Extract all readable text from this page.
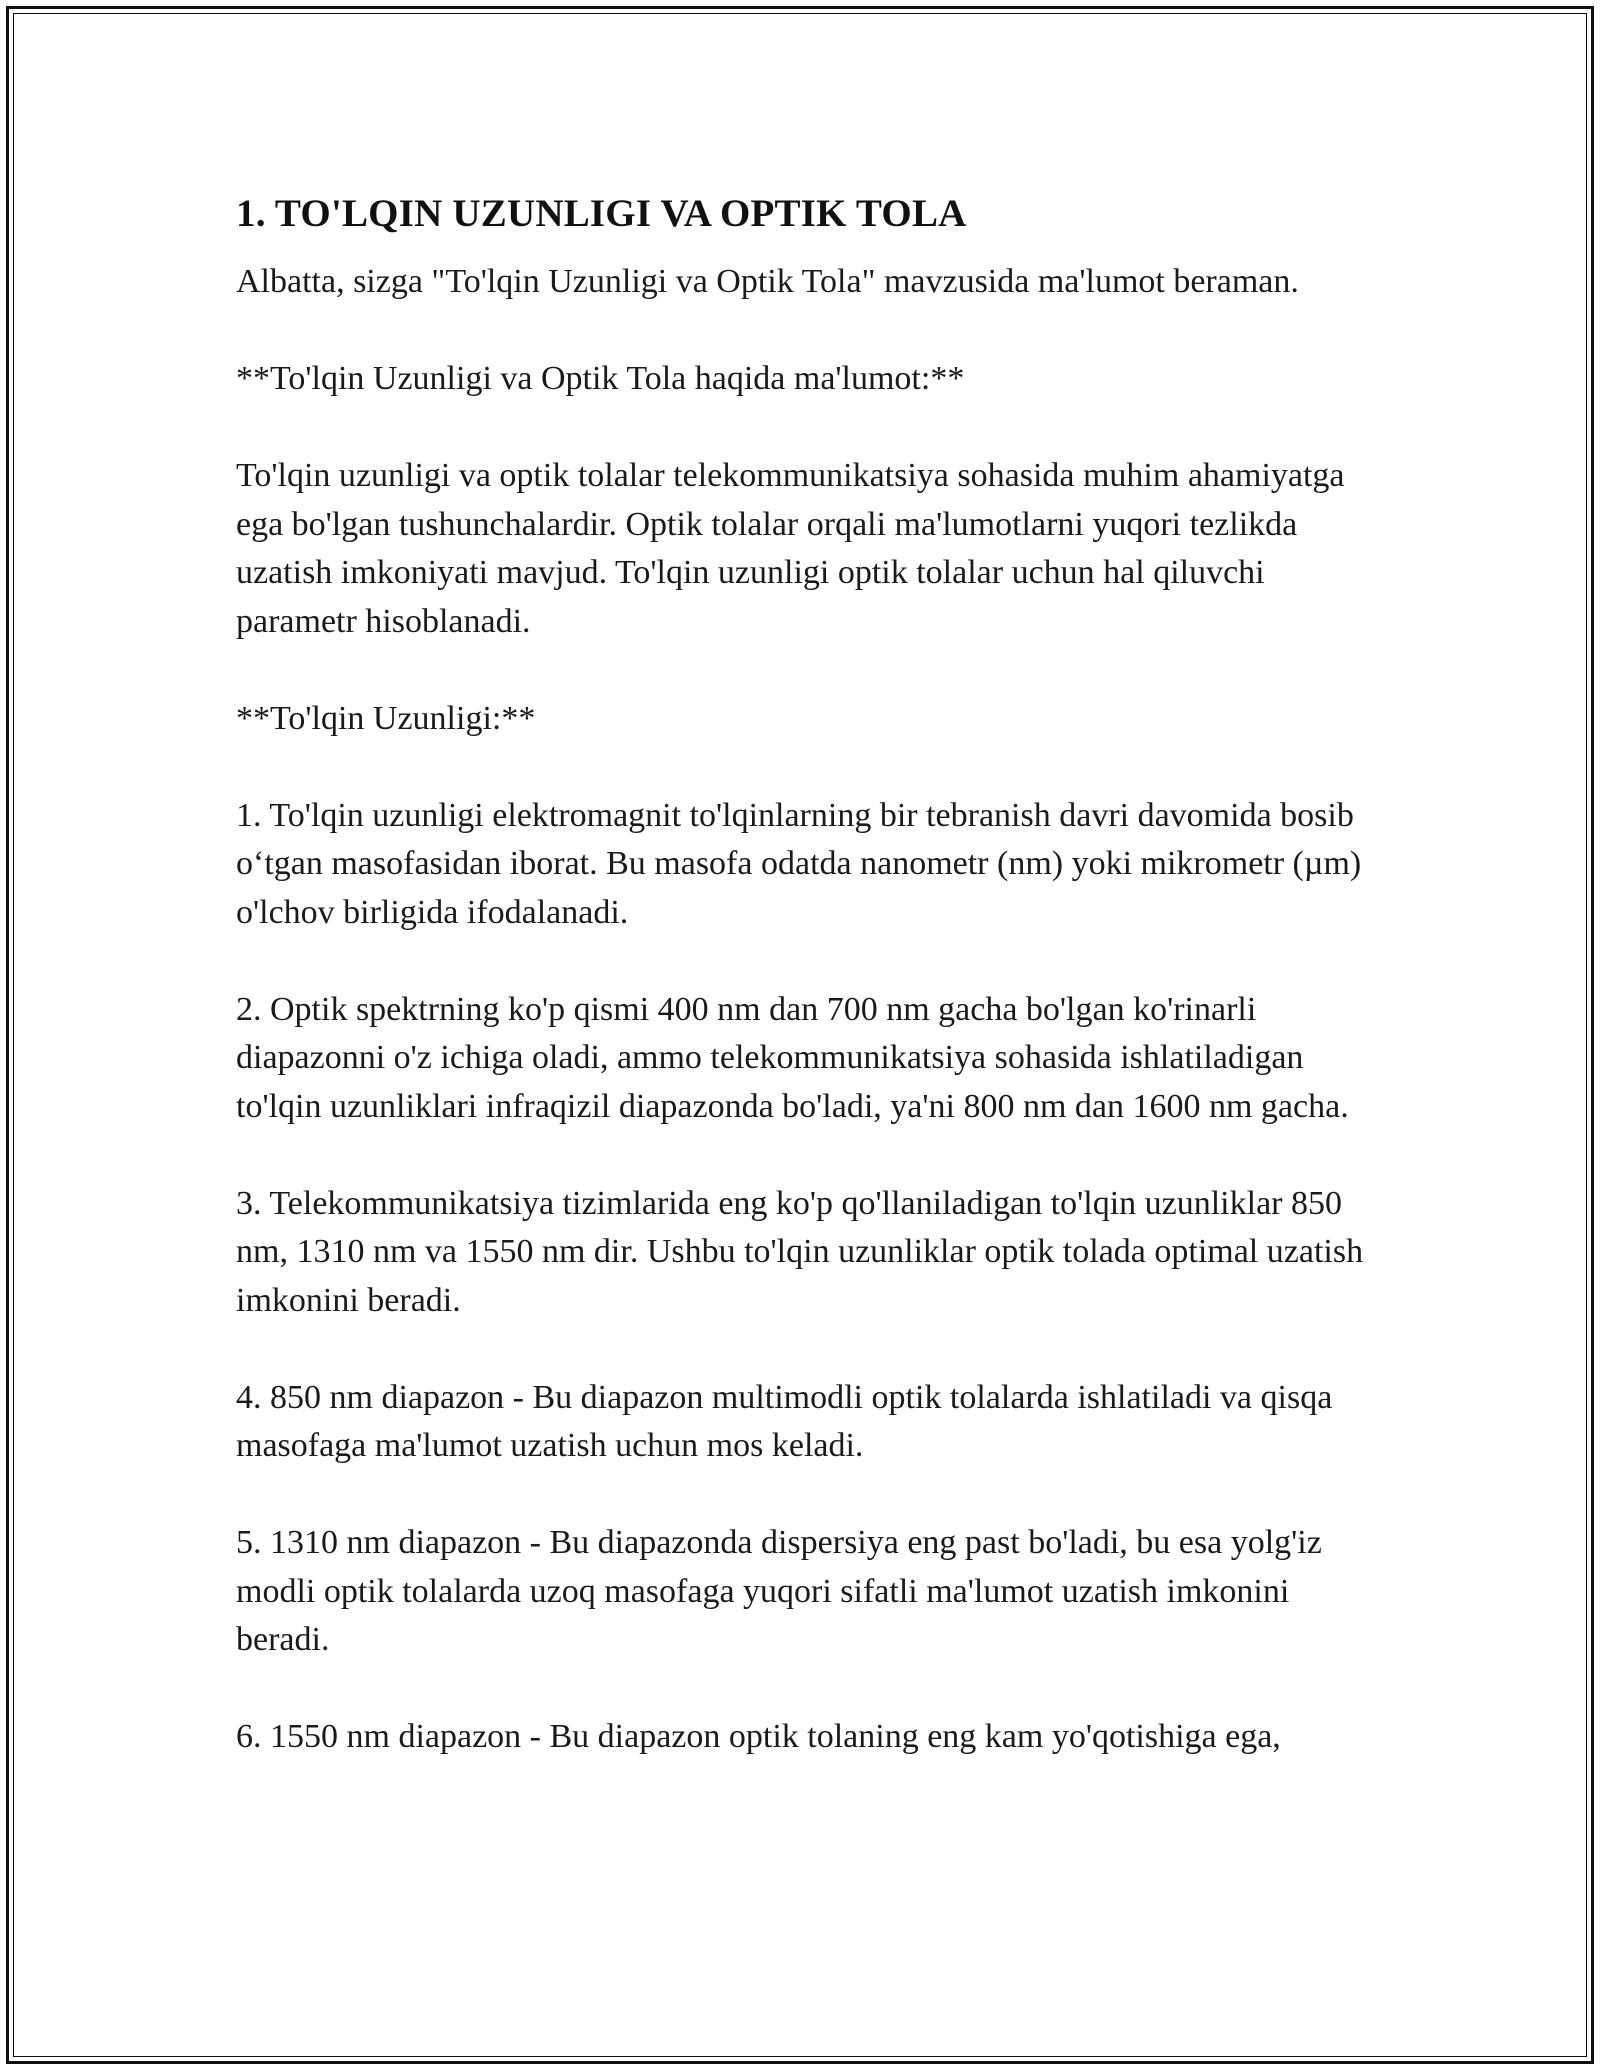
1. TO'LQIN UZUNLIGI VA OPTIK TOLA

Albatta, sizga "To'lqin Uzunligi va Optik Tola" mavzusida ma'lumot beraman.

**To'lqin Uzunligi va Optik Tola haqida ma'lumot:**

To'lqin uzunligi va optik tolalar telekommunikatsiya sohasida muhim ahamiyatga ega bo'lgan tushunchalardir. Optik tolalar orqali ma'lumotlarni yuqori tezlikda uzatish imkoniyati mavjud. To'lqin uzunligi optik tolalar uchun hal qiluvchi parametr hisoblanadi.

**To'lqin Uzunligi:**

1. To'lqin uzunligi elektromagnit to'lqinlarning bir tebranish davri davomida bosib o‘tgan masofasidan iborat. Bu masofa odatda nanometr (nm) yoki mikrometr (µm) o'lchov birligida ifodalanadi.

2. Optik spektrning ko'p qismi 400 nm dan 700 nm gacha bo'lgan ko'rinarli diapazonni o'z ichiga oladi, ammo telekommunikatsiya sohasida ishlatiladigan to'lqin uzunliklari infraqizil diapazonda bo'ladi, ya'ni 800 nm dan 1600 nm gacha.

3. Telekommunikatsiya tizimlarida eng ko'p qo'llaniladigan to'lqin uzunliklar 850 nm, 1310 nm va 1550 nm dir. Ushbu to'lqin uzunliklar optik tolada optimal uzatish imkonini beradi.

4. 850 nm diapazon - Bu diapazon multimodli optik tolalarda ishlatiladi va qisqa masofaga ma'lumot uzatish uchun mos keladi.

5. 1310 nm diapazon - Bu diapazonda dispersiya eng past bo'ladi, bu esa yolg'iz modli optik tolalarda uzoq masofaga yuqori sifatli ma'lumot uzatish imkonini beradi.

6. 1550 nm diapazon - Bu diapazon optik tolaning eng kam yo'qotishiga ega,
